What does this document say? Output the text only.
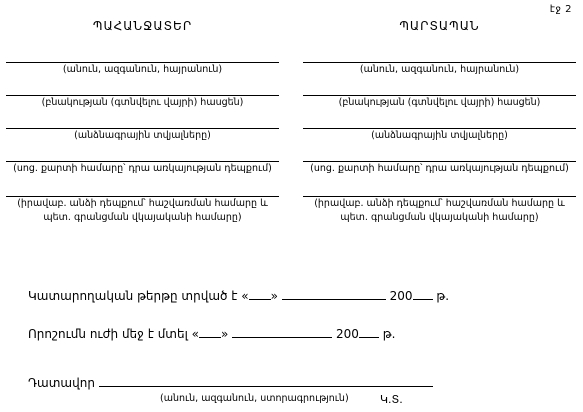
էջ 2
ՊԱՀԱՆՋԱՏԵՐ
(անուն, ազգանուն, հայրանուն)
(բնակության (գտնվելու վայրի) հասցեն)
(անձնագրային տվյալները)
(սոց. քարտի համարը՝ դրա առկայության դեպքում)
(իրավաբ. անձի դեպքում՝ հաշվառման համարը և
պետ. գրանցման վկայականի համարը)
ՊԱՐՏԱՊԱՆ
(անուն, ազգանուն, հայրանուն)
(բնակության (գտնվելու վայրի) հասցեն)
(անձնագրային տվյալները)
(սոց. քարտի համարը՝ դրա առկայության դեպքում)
(իրավաբ. անձի դեպքում՝ հաշվառման համարը և
պետ. գրանցման վկայականի համարը)
Կատարողական թերթը տրված է « »	200 թ.
Որոշումն ուժի մեջ է մտել « »	200 թ.
Դատավոր
(անուն, ազգանուն, ստորագրություն)	Կ.Տ.
